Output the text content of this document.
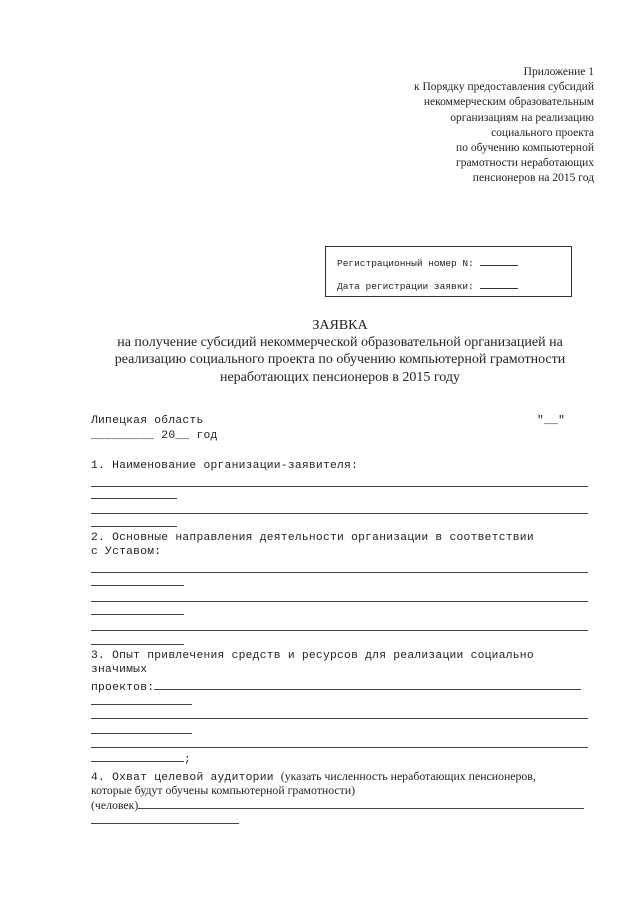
Приложение 1
к Порядку предоставления субсидий
некоммерческим образовательным
организациям на реализацию
социального проекта
по обучению компьютерной
грамотности неработающих
пенсионеров на 2015 год
Регистрационный номер N:
Дата регистрации заявки:
ЗАЯВКА
на получение субсидий некоммерческой образовательной организацией на
реализацию социального проекта по обучению компьютерной грамотности
неработающих пенсионеров в 2015 году
Липецкая область	"__"
_________ 20__ год
1. Наименование организации-заявителя:
2. Основные направления деятельности организации в соответствии
с Уставом:
3. Опыт привлечения средств и ресурсов для реализации социально
значимых
проектов:
;
4. Охват целевой аудитории (указать численность неработающих пенсионеров,
которые будут обучены компьютерной грамотности)
(человек)
